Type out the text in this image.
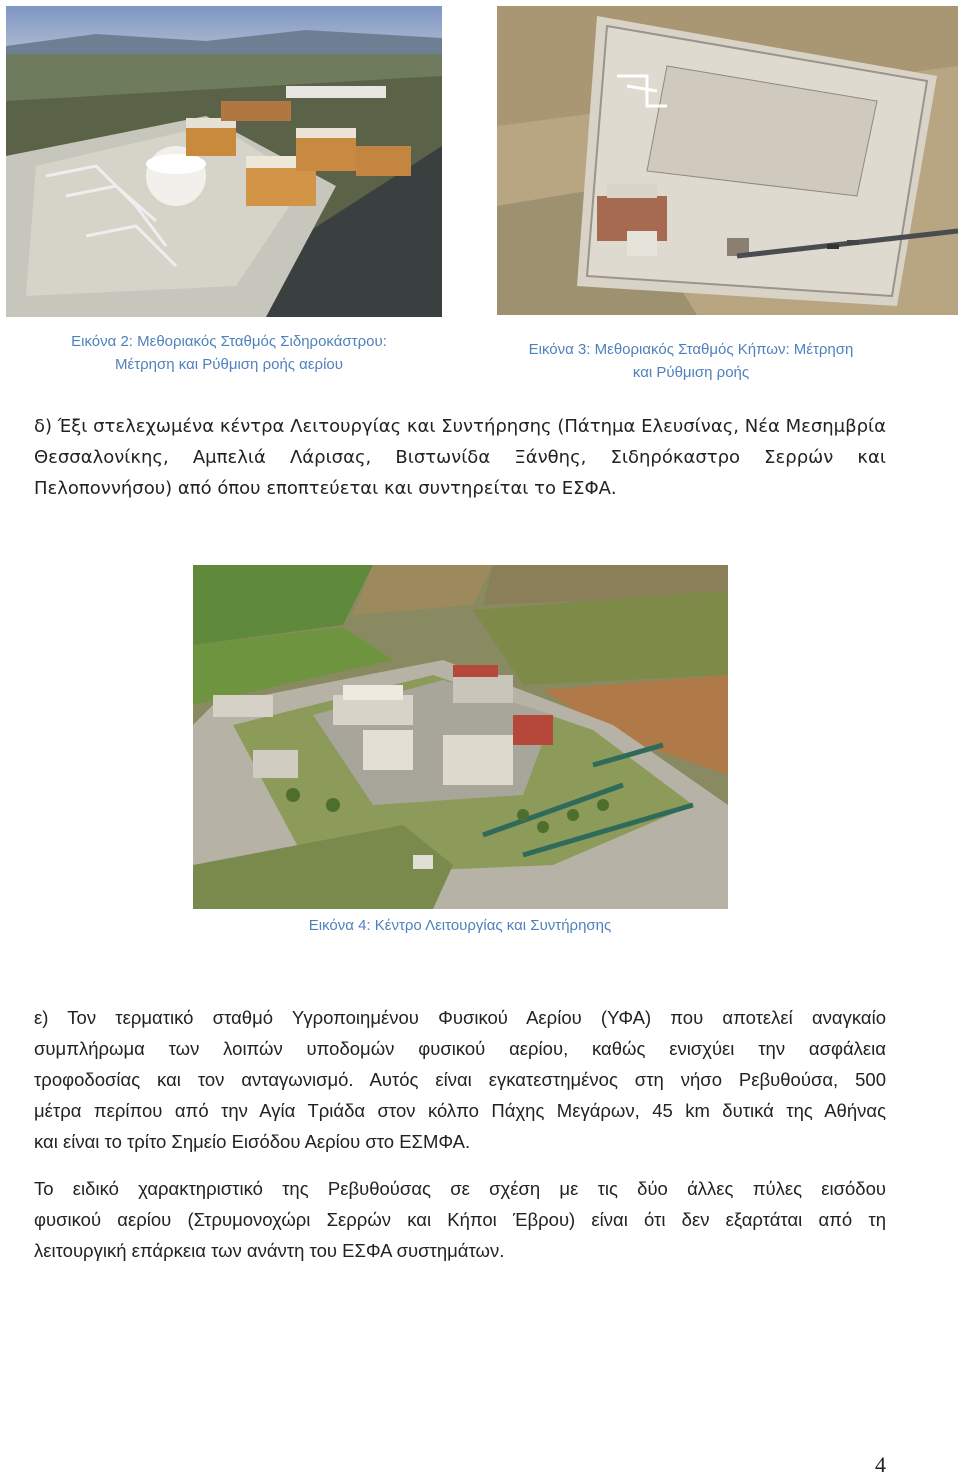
Εικόνα 2: Μεθοριακός Σταθμός Σιδηροκάστρου:
Μέτρηση και Ρύθμιση ροής αερίου
Εικόνα 3: Μεθοριακός Σταθμός Κήπων: Μέτρηση
και Ρύθμιση ροής
δ) Έξι στελεχωμένα κέντρα Λειτουργίας και Συντήρησης (Πάτημα Ελευσίνας, Νέα Μεσημβρία
Θεσσαλονίκης, Αμπελιά Λάρισας, Βιστωνίδα Ξάνθης, Σιδηρόκαστρο Σερρών και
Πελοποννήσου) από όπου εποπτεύεται και συντηρείται το ΕΣΦΑ.
Εικόνα 4: Κέντρο Λειτουργίας και Συντήρησης
ε) Τον τερματικό σταθμό Υγροποιημένου Φυσικού Αερίου (ΥΦΑ) που αποτελεί αναγκαίο
συμπλήρωμα των λοιπών υποδομών φυσικού αερίου, καθώς ενισχύει την ασφάλεια
τροφοδοσίας και τον ανταγωνισμό. Αυτός είναι εγκατεστημένος στη νήσο Ρεβυθούσα, 500
μέτρα περίπου από την Αγία Τριάδα στον κόλπο Πάχης Μεγάρων, 45 km δυτικά της Αθήνας
και είναι το τρίτο Σημείο Εισόδου Αερίου στο ΕΣΜΦΑ.
Το ειδικό χαρακτηριστικό της Ρεβυθούσας σε σχέση με τις δύο άλλες πύλες εισόδου
φυσικού αερίου (Στρυμονοχώρι Σερρών και Κήποι Έβρου) είναι ότι δεν εξαρτάται από τη
λειτουργική επάρκεια των ανάντη του ΕΣΦΑ συστημάτων.
4
